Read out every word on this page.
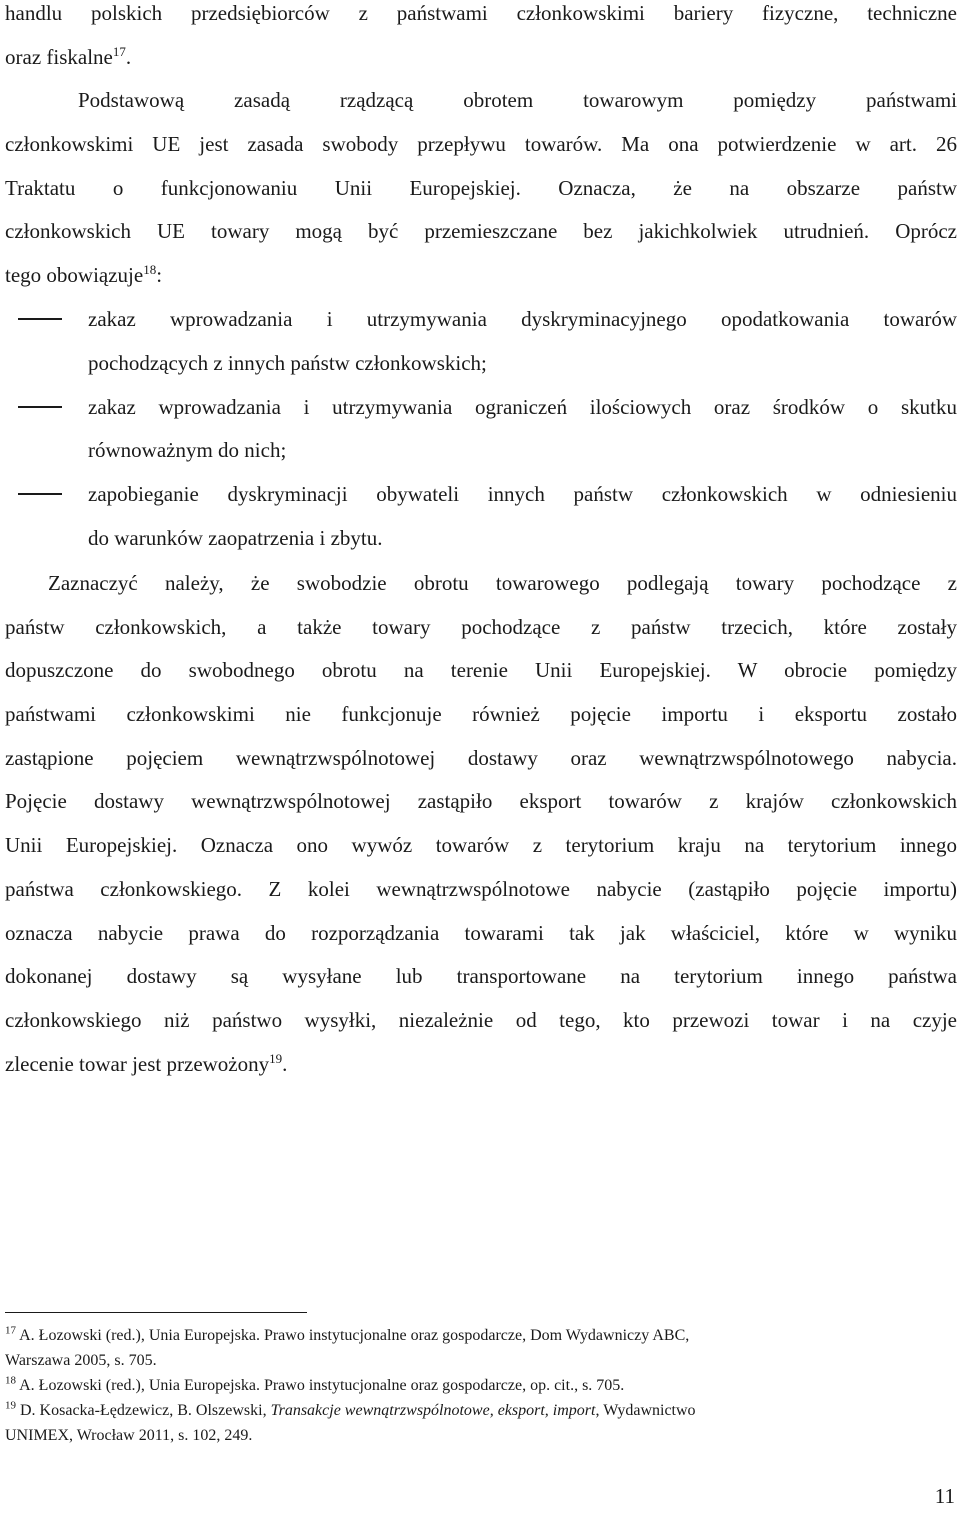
handlu polskich przedsiębiorców z państwami członkowskimi bariery fizyczne, techniczne

oraz fiskalne$^{17}$.

Podstawową zasadą rządzącą obrotem towarowym pomiędzy państwami

członkowskimi UE jest zasada swobody przepływu towarów. Ma ona potwierdzenie w art. 26

Traktatu o funkcjonowaniu Unii Europejskiej. Oznacza, że na obszarze państw

członkowskich UE towary mogą być przemieszczane bez jakichkolwiek utrudnień. Oprócz

tego obowiązuje$^{18}$:

zakaz wprowadzania i utrzymywania dyskryminacyjnego opodatkowania towarów

pochodzących z innych państw członkowskich;

zakaz wprowadzania i utrzymywania ograniczeń ilościowych oraz środków o skutku

równoważnym do nich;

zapobieganie dyskryminacji obywateli innych państw członkowskich w odniesieniu

do warunków zaopatrzenia i zbytu.

Zaznaczyć należy, że swobodzie obrotu towarowego podlegają towary pochodzące z

państw członkowskich, a także towary pochodzące z państw trzecich, które zostały

dopuszczone do swobodnego obrotu na terenie Unii Europejskiej. W obrocie pomiędzy

państwami członkowskimi nie funkcjonuje również pojęcie importu i eksportu zostało

zastąpione pojęciem wewnątrzwspólnotowej dostawy oraz wewnątrzwspólnotowego nabycia.

Pojęcie dostawy wewnątrzwspólnotowej zastąpiło eksport towarów z krajów członkowskich

Unii Europejskiej. Oznacza ono wywóz towarów z terytorium kraju na terytorium innego

państwa członkowskiego. Z kolei wewnątrzwspólnotowe nabycie (zastąpiło pojęcie importu)

oznacza nabycie prawa do rozporządzania towarami tak jak właściciel, które w wyniku

dokonanej dostawy są wysyłane lub transportowane na terytorium innego państwa

członkowskiego niż państwo wysyłki, niezależnie od tego, kto przewozi towar i na czyje

zlecenie towar jest przewożony$^{19}$.

$^{17}$ A. Łozowski (red.), Unia Europejska. Prawo instytucjonalne oraz gospodarcze, Dom Wydawniczy ABC,

Warszawa 2005, s. 705.

$^{18}$ A. Łozowski (red.), Unia Europejska. Prawo instytucjonalne oraz gospodarcze, op. cit., s. 705.

$^{19}$ D. Kosacka-Łędzewicz, B. Olszewski, Transakcje wewnątrzwspólnotowe, eksport, import, Wydawnictwo

UNIMEX, Wrocław 2011, s. 102, 249.

11
